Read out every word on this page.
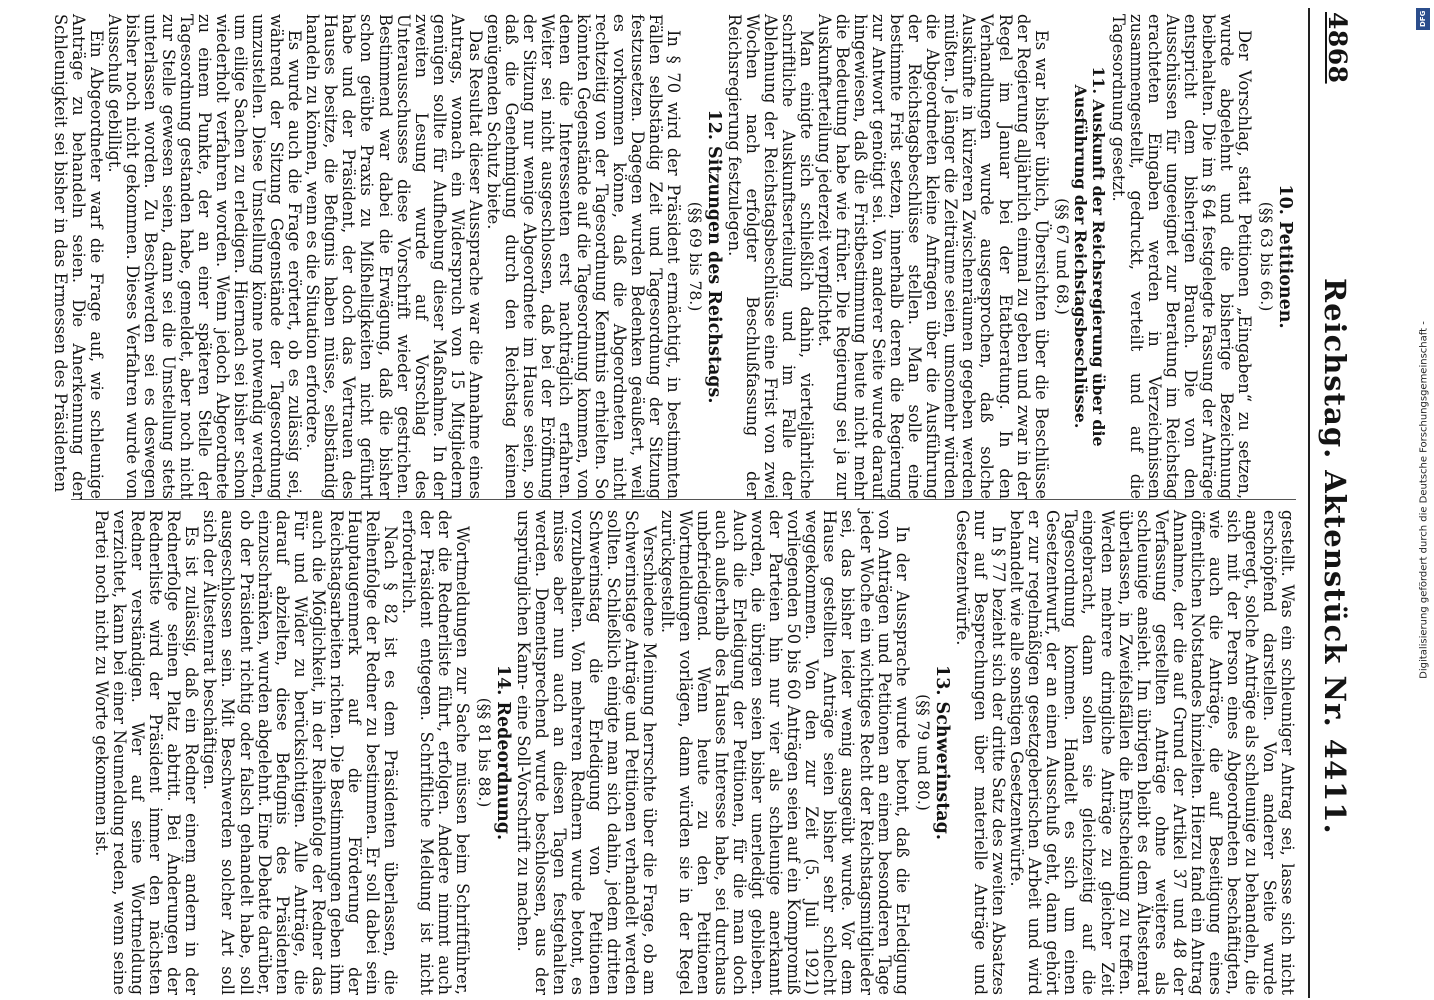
4868
Reichstag. Aktenstück Nr. 4411.
10. Petitionen.
(§§ 63 bis 66.)

Der Vorschlag, statt Petitionen „Eingaben“ zu setzen, wurde abgelehnt und die bisherige Bezeichnung beibehalten. Die im § 64 festgelegte Fassung der Anträge entspricht dem bisherigen Brauch. Die von den Ausschüssen für ungeeignet zur Beratung im Reichstag erachteten Eingaben werden in Verzeichnissen zusammengestellt, gedruckt, verteilt und auf die Tagesordnung gesetzt.

11. Auskunft der Reichsregierung über die Ausführung der Reichstagsbeschlüsse.
(§§ 67 und 68.)

Es war bisher üblich, Übersichten über die Beschlüsse der Regierung alljährlich einmal zu geben und zwar in der Regel im Januar bei der Etatberatung. In den Verhandlungen wurde ausgesprochen, daß solche Auskünfte in kürzeren Zwischenräumen gegeben werden müßten. Je länger die Zeiträume seien, umsomehr würden die Abgeordneten kleine Anfragen über die Ausführung der Reichstagsbeschlüsse stellen. Man solle eine bestimmte Frist setzen, innerhalb deren die Regierung zur Antwort genötigt sei. Von anderer Seite wurde darauf hingewiesen, daß die Fristbestimmung heute nicht mehr die Bedeutung habe wie früher. Die Regierung sei ja zur Auskunfterteilung jederzeit verpflichtet.

Man einigte sich schließlich dahin, vierteljährliche schriftliche Auskunftserteilung und im Falle der Ablehnung der Reichstagsbeschlüsse eine Frist von zwei Wochen nach erfolgter Beschlußfassung der Reichsregierung festzulegen.

12. Sitzungen des Reichstags.
(§§ 69 bis 78.)

In § 70 wird der Präsident ermächtigt, in bestimmten Fällen selbständig Zeit und Tagesordnung der Sitzung festzusetzen. Dagegen wurden Bedenken geäußert, weil es vorkommen könne, daß die Abgeordneten nicht rechtzeitig von der Tagesordnung Kenntnis erhielten. So könnten Gegenstände auf die Tagesordnung kommen, von denen die Interessenten erst nachträglich erfahren. Weiter sei nicht ausgeschlossen, daß bei der Eröffnung der Sitzung nur wenige Abgeordnete im Hause seien, so daß die Genehmigung durch den Reichstag keinen genügenden Schutz biete.

Das Resultat dieser Aussprache war die Annahme eines Antrags, wonach ein Widerspruch von 15 Mitgliedern genügen sollte für Aufhebung dieser Maßnahme. In der zweiten Lesung wurde auf Vorschlag des Unterausschusses diese Vorschrift wieder gestrichen. Bestimmend war dabei die Erwägung, daß die bisher schon geübte Praxis zu Mißhelligkeiten nicht geführt habe und der Präsident, der doch das Vertrauen des Hauses besitze, die Befugnis haben müsse, selbständig handeln zu können, wenn es die Situation erfordere.

Es wurde auch die Frage erörtert, ob es zulässig sei, während der Sitzung Gegenstände der Tagesordnung umzustellen. Diese Umstellung könne notwendig werden, um eilige Sachen zu erledigen. Hiernach sei bisher schon wiederholt verfahren worden. Wenn jedoch Abgeordnete zu einem Punkte, der an einer späteren Stelle der Tagesordnung gestanden habe, gemeldet, aber noch nicht zur Stelle gewesen seien, dann sei die Umstellung stets unterlassen worden. Zu Beschwerden sei es deswegen bisher noch nicht gekommen. Dieses Verfahren wurde von Ausschuß gebilligt.

Ein Abgeordneter warf die Frage auf, wie schleunige Anträge zu behandeln seien. Die Anerkennung der Schleunigkeit sei bisher in das Ermessen des Präsidenten

gestellt. Was ein schleuniger Antrag sei, lasse sich nicht erschöpfend darstellen. Von anderer Seite wurde angeregt, solche Anträge als schleunige zu behandeln, die sich mit der Person eines Abgeordneten beschäftigten, wie auch die Anträge, die auf Beseitigung eines öffentlichen Notstandes hinzielten. Hierzu fand ein Antrag Annahme, der die auf Grund der Artikel 37 und 48 der Verfassung gestellten Anträge ohne weiteres als schleunige ansieht. Im übrigen bleibt es dem Ältestenrat überlassen, in Zweifelsfällen die Entscheidung zu treffen. Werden mehrere dringliche Anträge zu gleicher Zeit eingebracht, dann sollen sie gleichzeitig auf die Tagesordnung kommen. Handelt es sich um einen Gesetzentwurf, der an einen Ausschuß geht, dann gehört er zur regelmäßigen gesetzgeberischen Arbeit und wird behandelt wie alle sonstigen Gesetzentwürfe.

In § 77 bezieht sich der dritte Satz des zweiten Absatzes nur auf Besprechungen über materielle Anträge und Gesetzentwürfe.

13. Schwerinstag.
(§§ 79 und 80.)

In der Aussprache wurde betont, daß die Erledigung von Anträgen und Petitionen an einem besonderen Tage jeder Woche ein wichtiges Recht der Reichstagsmitglieder sei, das bisher leider wenig ausgeübt wurde. Vor dem Hause gestellten Anträge seien bisher sehr schlecht weggekommen. Von den zur Zeit (5. Juli 1921) vorliegenden 50 bis 60 Anträgen seien auf ein Kompromiß der Parteien hin nur vier als schleunige anerkannt worden, die übrigen seien bisher unerledigt geblieben. Auch die Erledigung der Petitionen, für die man doch auch außerhalb des Hauses Interesse habe, sei durchaus unbefriedigend. Wenn heute zu den Petitionen Wortmeldungen vorlägen, dann würden sie in der Regel zurückgestellt.

Verschiedene Meinung herrschte über die Frage, ob am Schwerinstage Anträge und Petitionen verhandelt werden sollten. Schließlich einigte man sich dahin, jedem dritten Schwerinstag die Erledigung von Petitionen vorzubehalten. Von mehreren Rednern wurde betont, es müsse aber nun auch an diesen Tagen festgehalten werden. Dementsprechend wurde beschlossen, aus der ursprünglichen Kann- eine Soll-Vorschrift zu machen.

14. Redeordnung.
(§§ 81 bis 88.)

Wortmeldungen zur Sache müssen beim Schriftführer, der die Rednerliste führt, erfolgen. Andere nimmt auch der Präsident entgegen. Schriftliche Meldung ist nicht erforderlich.

Nach § 82 ist es dem Präsidenten überlassen, die Reihenfolge der Redner zu bestimmen. Er soll dabei sein Hauptaugenmerk auf die Förderung der Reichstagsarbeiten richten. Die Bestimmungen geben ihm auch die Möglichkeit, in der Reihenfolge der Redner das Für und Wider zu berücksichtigen. Alle Anträge, die darauf abzielten, diese Befugnis des Präsidenten einzuschränken, wurden abgelehnt. Eine Debatte darüber, ob der Präsident richtig oder falsch gehandelt habe, soll ausgeschlossen sein. Mit Beschwerden solcher Art soll sich der Ältestenrat beschäftigen.

Es ist zulässig, daß ein Redner einem andern in der Rednerfolge seinen Platz abtritt. Bei Änderungen der Rednerliste wird der Präsident immer den nächsten Redner verständigen. Wer auf seine Wortmeldung verzichtet, kann bei einer Neumeldung reden, wenn seine Partei noch nicht zu Worte gekommen ist.

DFG
Digitalisierung gefördert durch die Deutsche Forschungsgemeinschaft -
